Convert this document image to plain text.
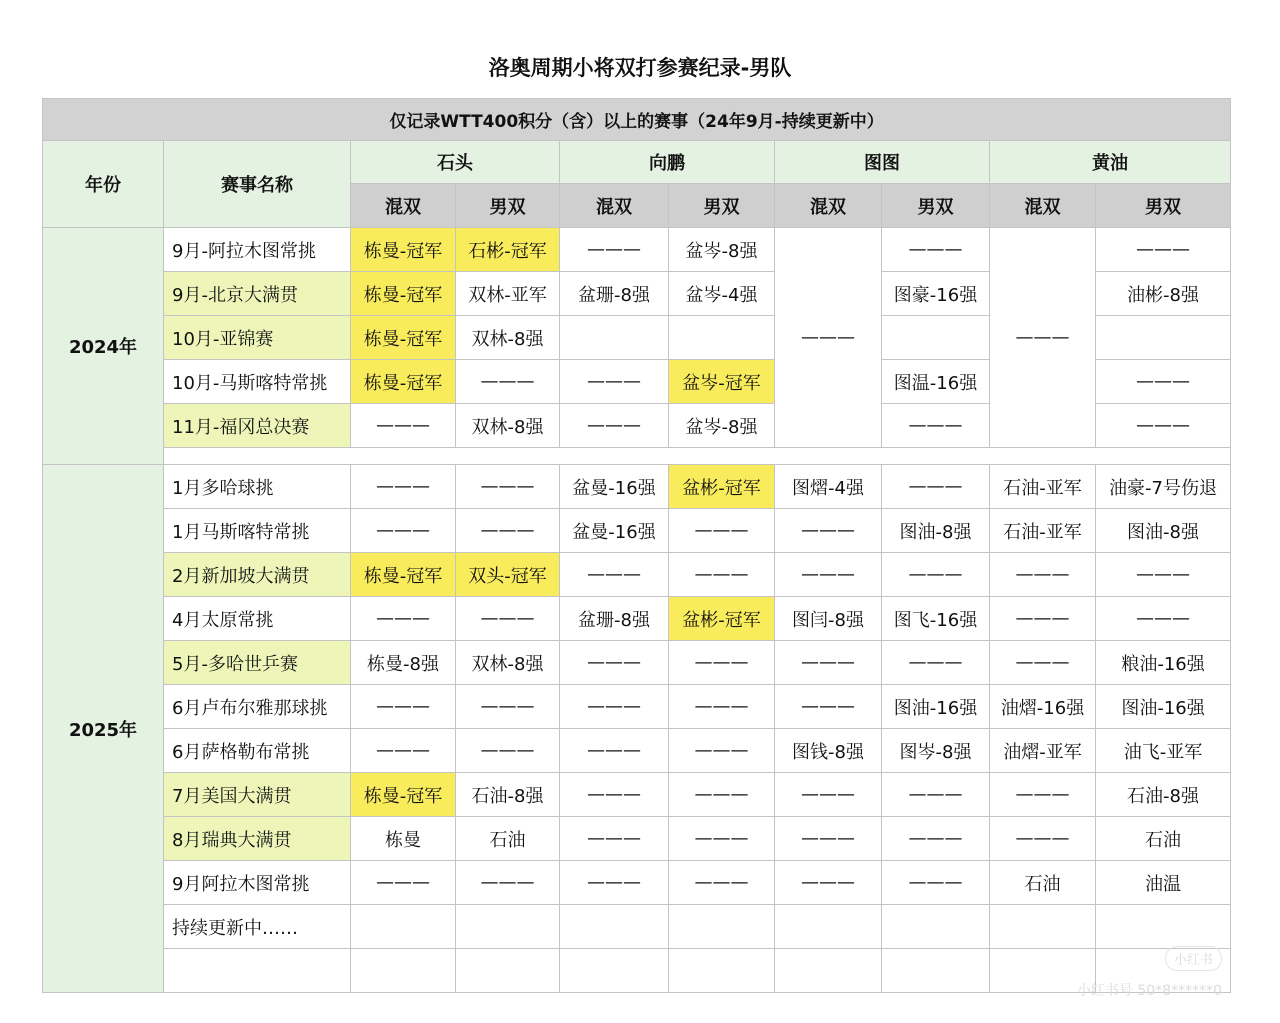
洛奥周期小将双打参赛纪录-男队
仅记录WTT400积分（含）以上的赛事（24年9月-持续更新中）									
年份	赛事名称	石头		向鹏		图图		黄油	
		混双	男双	混双	男双	混双	男双	混双	男双
2024年	9月-阿拉木图常挑	栋曼-冠军	石彬-冠军	———	盆岑-8强	———	———	———	———
	9月-北京大满贯	栋曼-冠军	双林-亚军	盆珊-8强	盆岑-4强		图豪-16强		油彬-8强
	10月-亚锦赛	栋曼-冠军	双林-8强						
	10月-马斯喀特常挑	栋曼-冠军	———	———	盆岑-冠军		图温-16强		———
	11月-福冈总决赛	———	双林-8强	———	盆岑-8强		———		———

2025年	1月多哈球挑	———	———	盆曼-16强	盆彬-冠军	图熠-4强	———	石油-亚军	油豪-7号伤退
	1月马斯喀特常挑	———	———	盆曼-16强	———	———	图油-8强	石油-亚军	图油-8强
	2月新加坡大满贯	栋曼-冠军	双头-冠军	———	———	———	———	———	———
	4月太原常挑	———	———	盆珊-8强	盆彬-冠军	图闫-8强	图飞-16强	———	———
	5月-多哈世乒赛	栋曼-8强	双林-8强	———	———	———	———	———	粮油-16强
	6月卢布尔雅那球挑	———	———	———	———	———	图油-16强	油熠-16强	图油-16强
	6月萨格勒布常挑	———	———	———	———	图钱-8强	图岑-8强	油熠-亚军	油飞-亚军
	7月美国大满贯	栋曼-冠军	石油-8强	———	———	———	———	———	石油-8强
	8月瑞典大满贯	栋曼	石油	———	———	———	———	———	石油
	9月阿拉木图常挑	———	———	———	———	———	———	石油	油温
	持续更新中……								

小红书
小红书号 50*8******0
